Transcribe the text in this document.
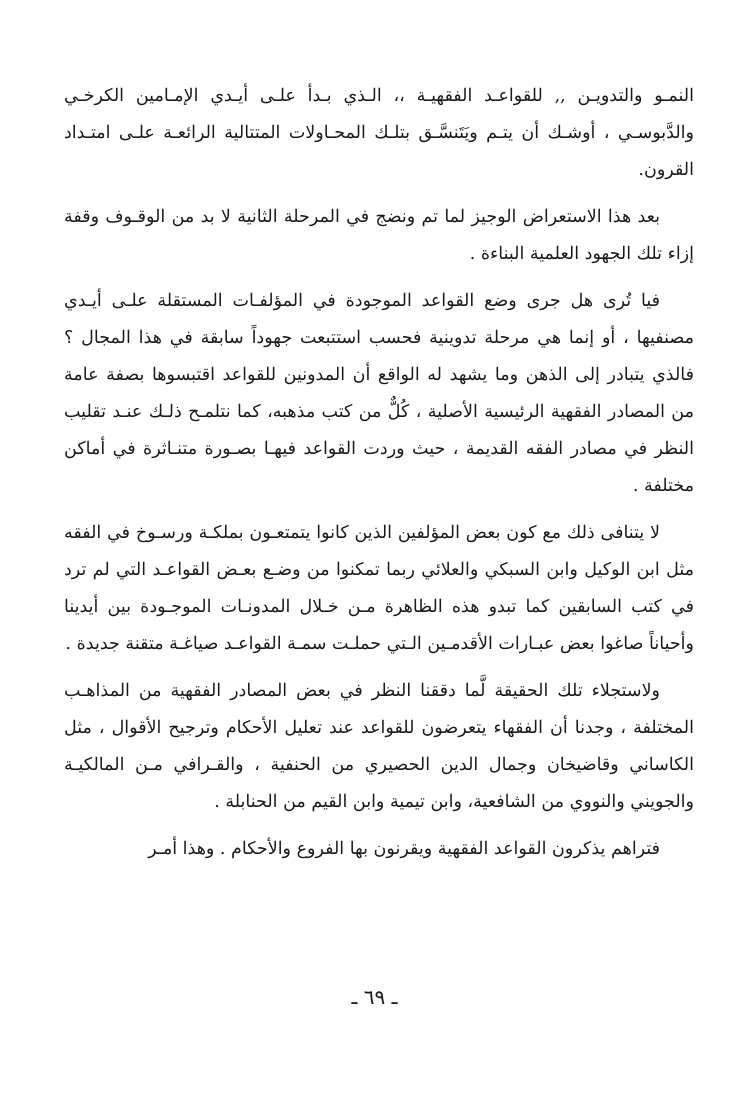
النمـو والتدويـن ,, للقواعـد الفقهيـة ،، الـذي بـدأ علـى أيـدي الإمـامين الكرخـي والدَّبوسـي ، أوشـك أن يتـم ويَتَنسَّـق بتلـك المحـاولات المتتالية الرائعـة علـى امتـداد القرون.

بعد هذا الاستعراض الوجيز لما تم ونضج في المرحلة الثانية لا بد من الوقـوف وقفة إزاء تلك الجهود العلمية البناءة .

فيا تُرى هل جرى وضع القواعد الموجودة في المؤلفـات المستقلة علـى أيـدي مصنفيها ، أو إنما هي مرحلة تدوينية فحسب استتبعت جهوداً سابقة في هذا المجال ؟ فالذي يتبادر إلى الذهن وما يشهد له الواقع أن المدونين للقواعد اقتبسوها بصفة عامة من المصادر الفقهية الرئيسية الأصلية ، كُلٌّ من كتب مذهبه، كما نتلمـح ذلـك عنـد تقليب النظر في مصادر الفقه القديمة ، حيث وردت القواعد فيهـا بصـورة متنـاثرة في أماكن مختلفة .

لا يتنافى ذلك مع كون بعض المؤلفين الذين كانوا يتمتعـون بملكـة ورسـوخ في الفقه مثل ابن الوكيل وابن السبكي والعلائي ربما تمكنوا من وضـع بعـض القواعـد التي لم ترد في كتب السابقين كما تبدو هذه الظاهرة مـن خـلال المدونـات الموجـودة بين أيدينا وأحياناً صاغوا بعض عبـارات الأقدمـين الـتي حملـت سمـة القواعـد صياغـة متقنة جديدة .

ولاستجلاء تلك الحقيقة لَّما دققنا النظر في بعض المصادر الفقهية من المذاهـب المختلفة ، وجدنا أن الفقهاء يتعرضون للقواعد عند تعليل الأحكام وترجيح الأقوال ، مثل الكاساني وقاضيخان وجمال الدين الحصيري من الحنفية ، والقـرافي مـن المالكيـة والجويني والنووي من الشافعية، وابن تيمية وابن القيم من الحنابلة .

فتراهم يذكرون القواعد الفقهية ويقرنون بها الفروع والأحكام . وهذا أمـر

ـ ٦٩ ـ
